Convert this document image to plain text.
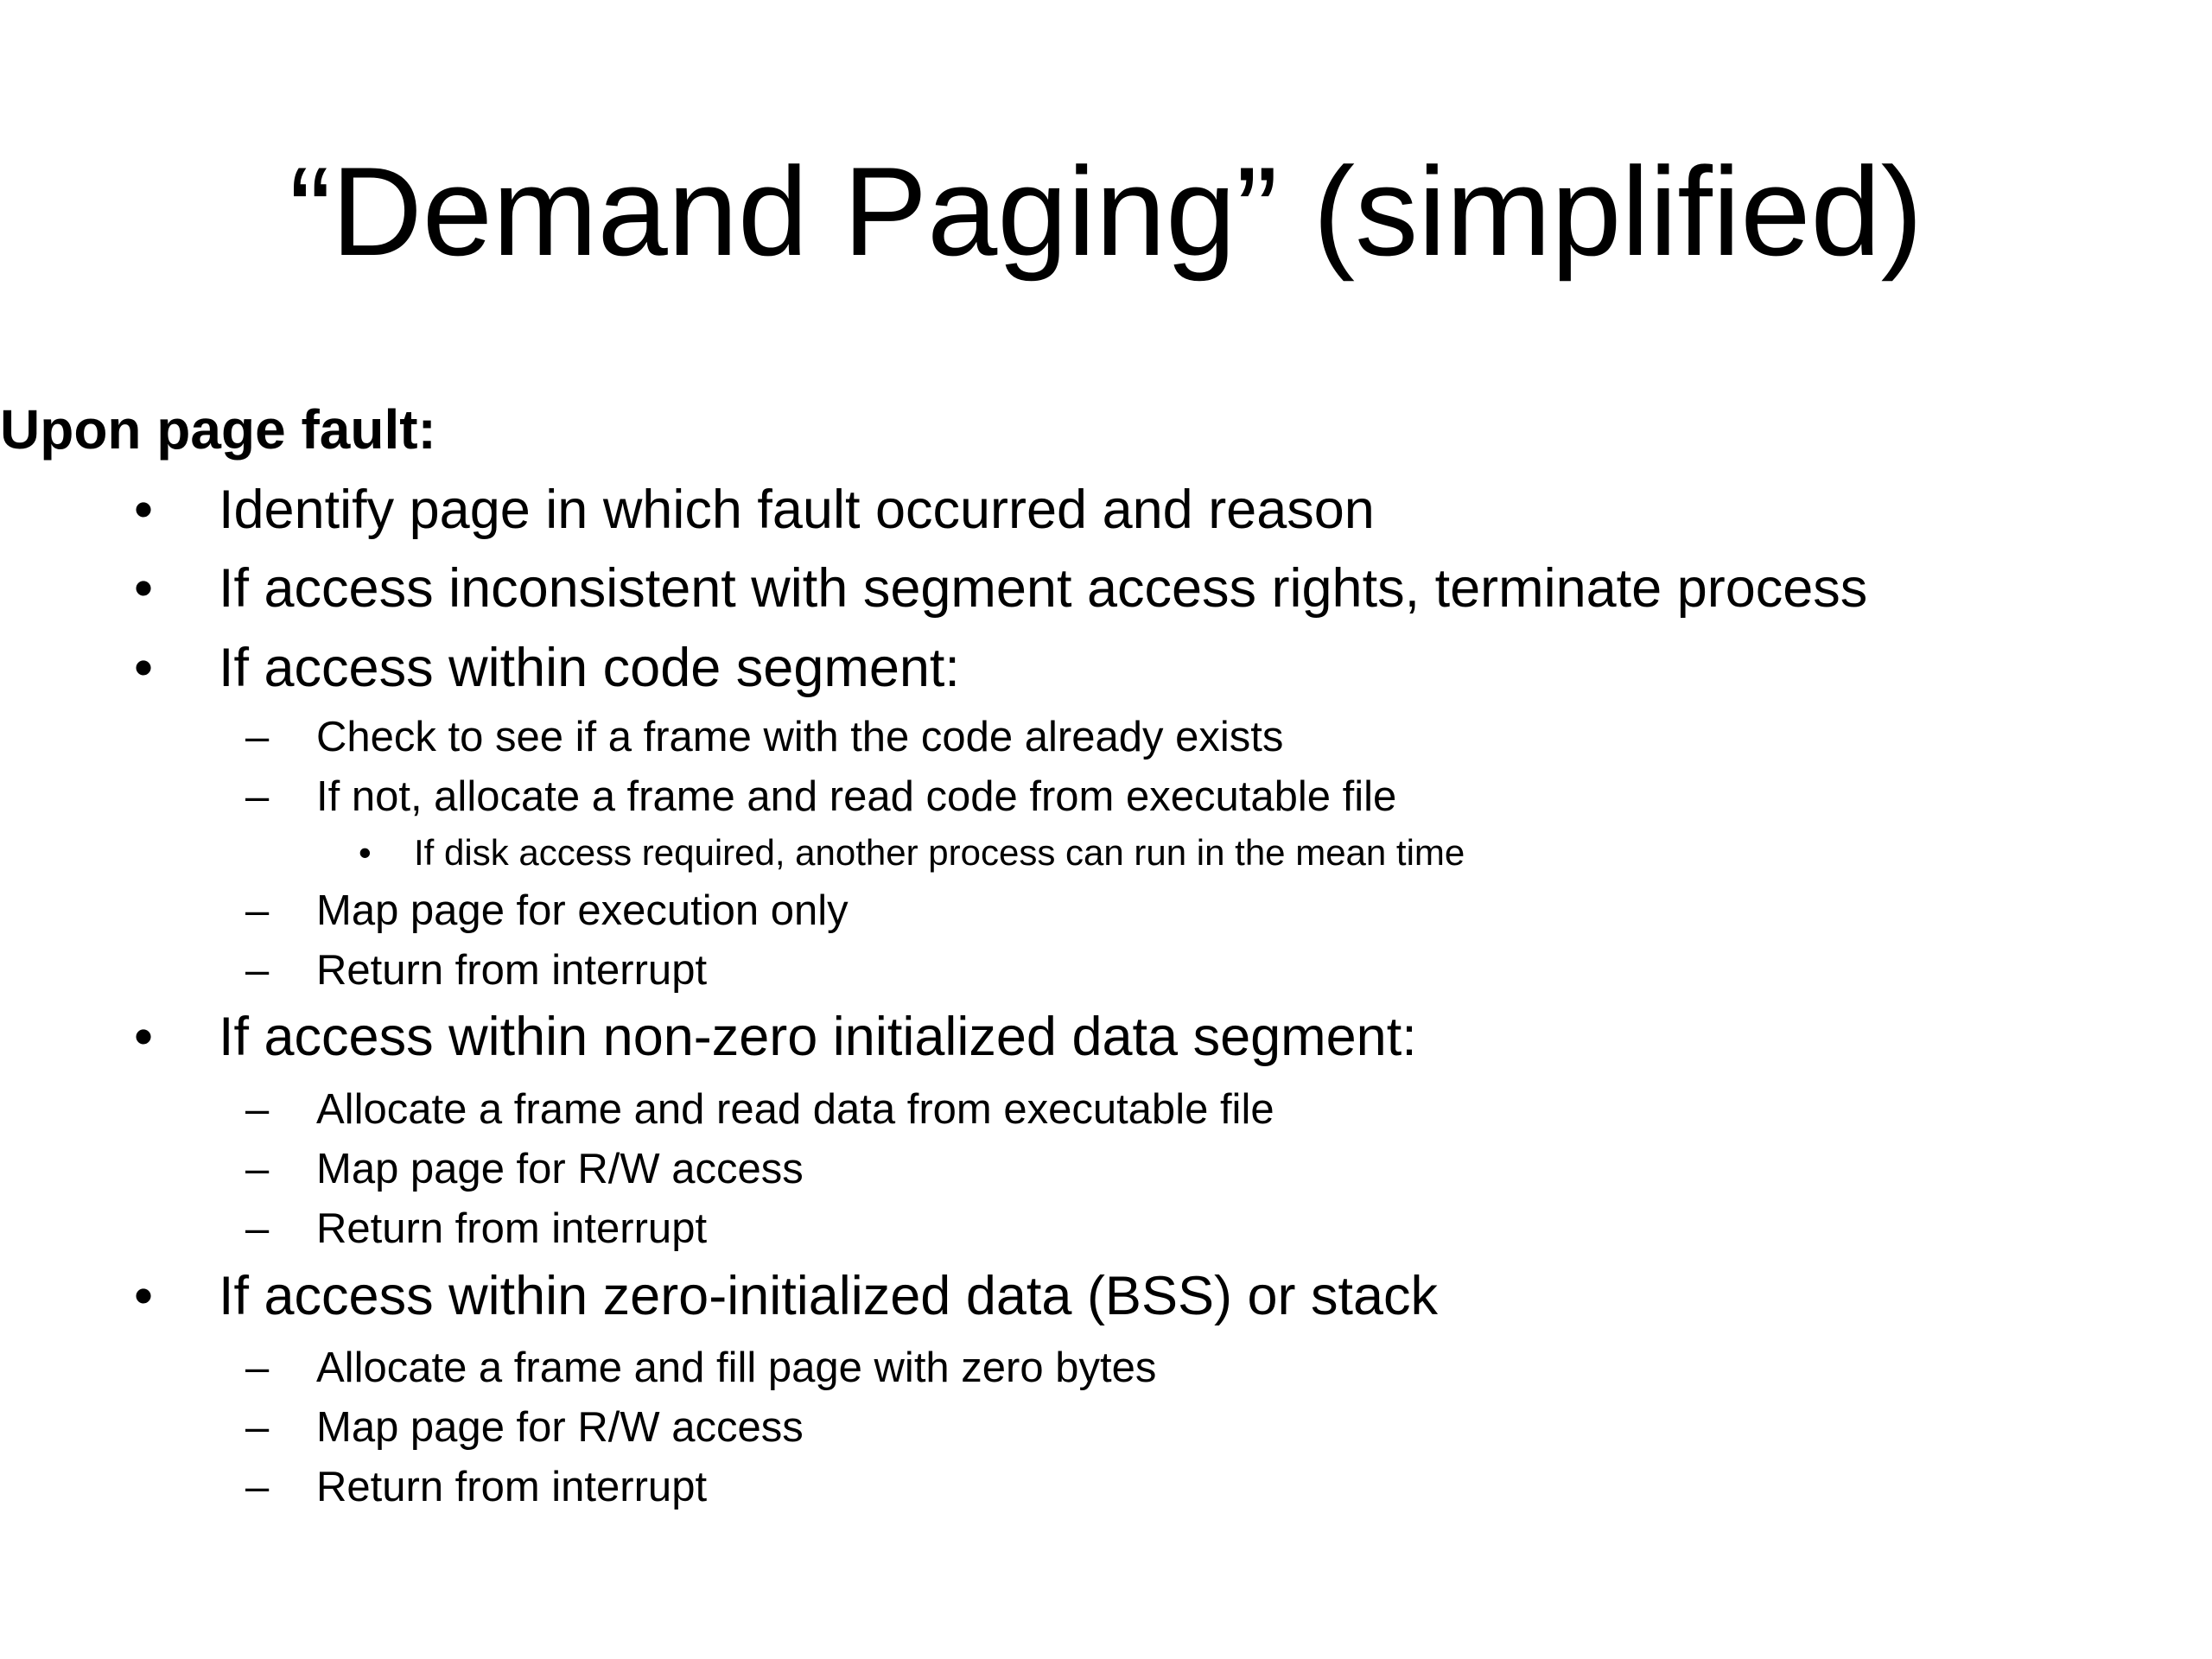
“Demand Paging” (simplified)
Upon page fault:
• Identify page in which fault occurred and reason
• If access inconsistent with segment access rights, terminate process
• If access within code segment:
– Check to see if a frame with the code already exists
– If not, allocate a frame and read code from executable file
•	If disk access required, another process can run in the mean time
– Map page for execution only
– Return from interrupt
• If access within non-zero initialized data segment:
– Allocate a frame and read data from executable file
– Map page for R/W access
– Return from interrupt
• If access within zero-initialized data (BSS) or stack
– Allocate a frame and fill page with zero bytes
– Map page for R/W access
– Return from interrupt
